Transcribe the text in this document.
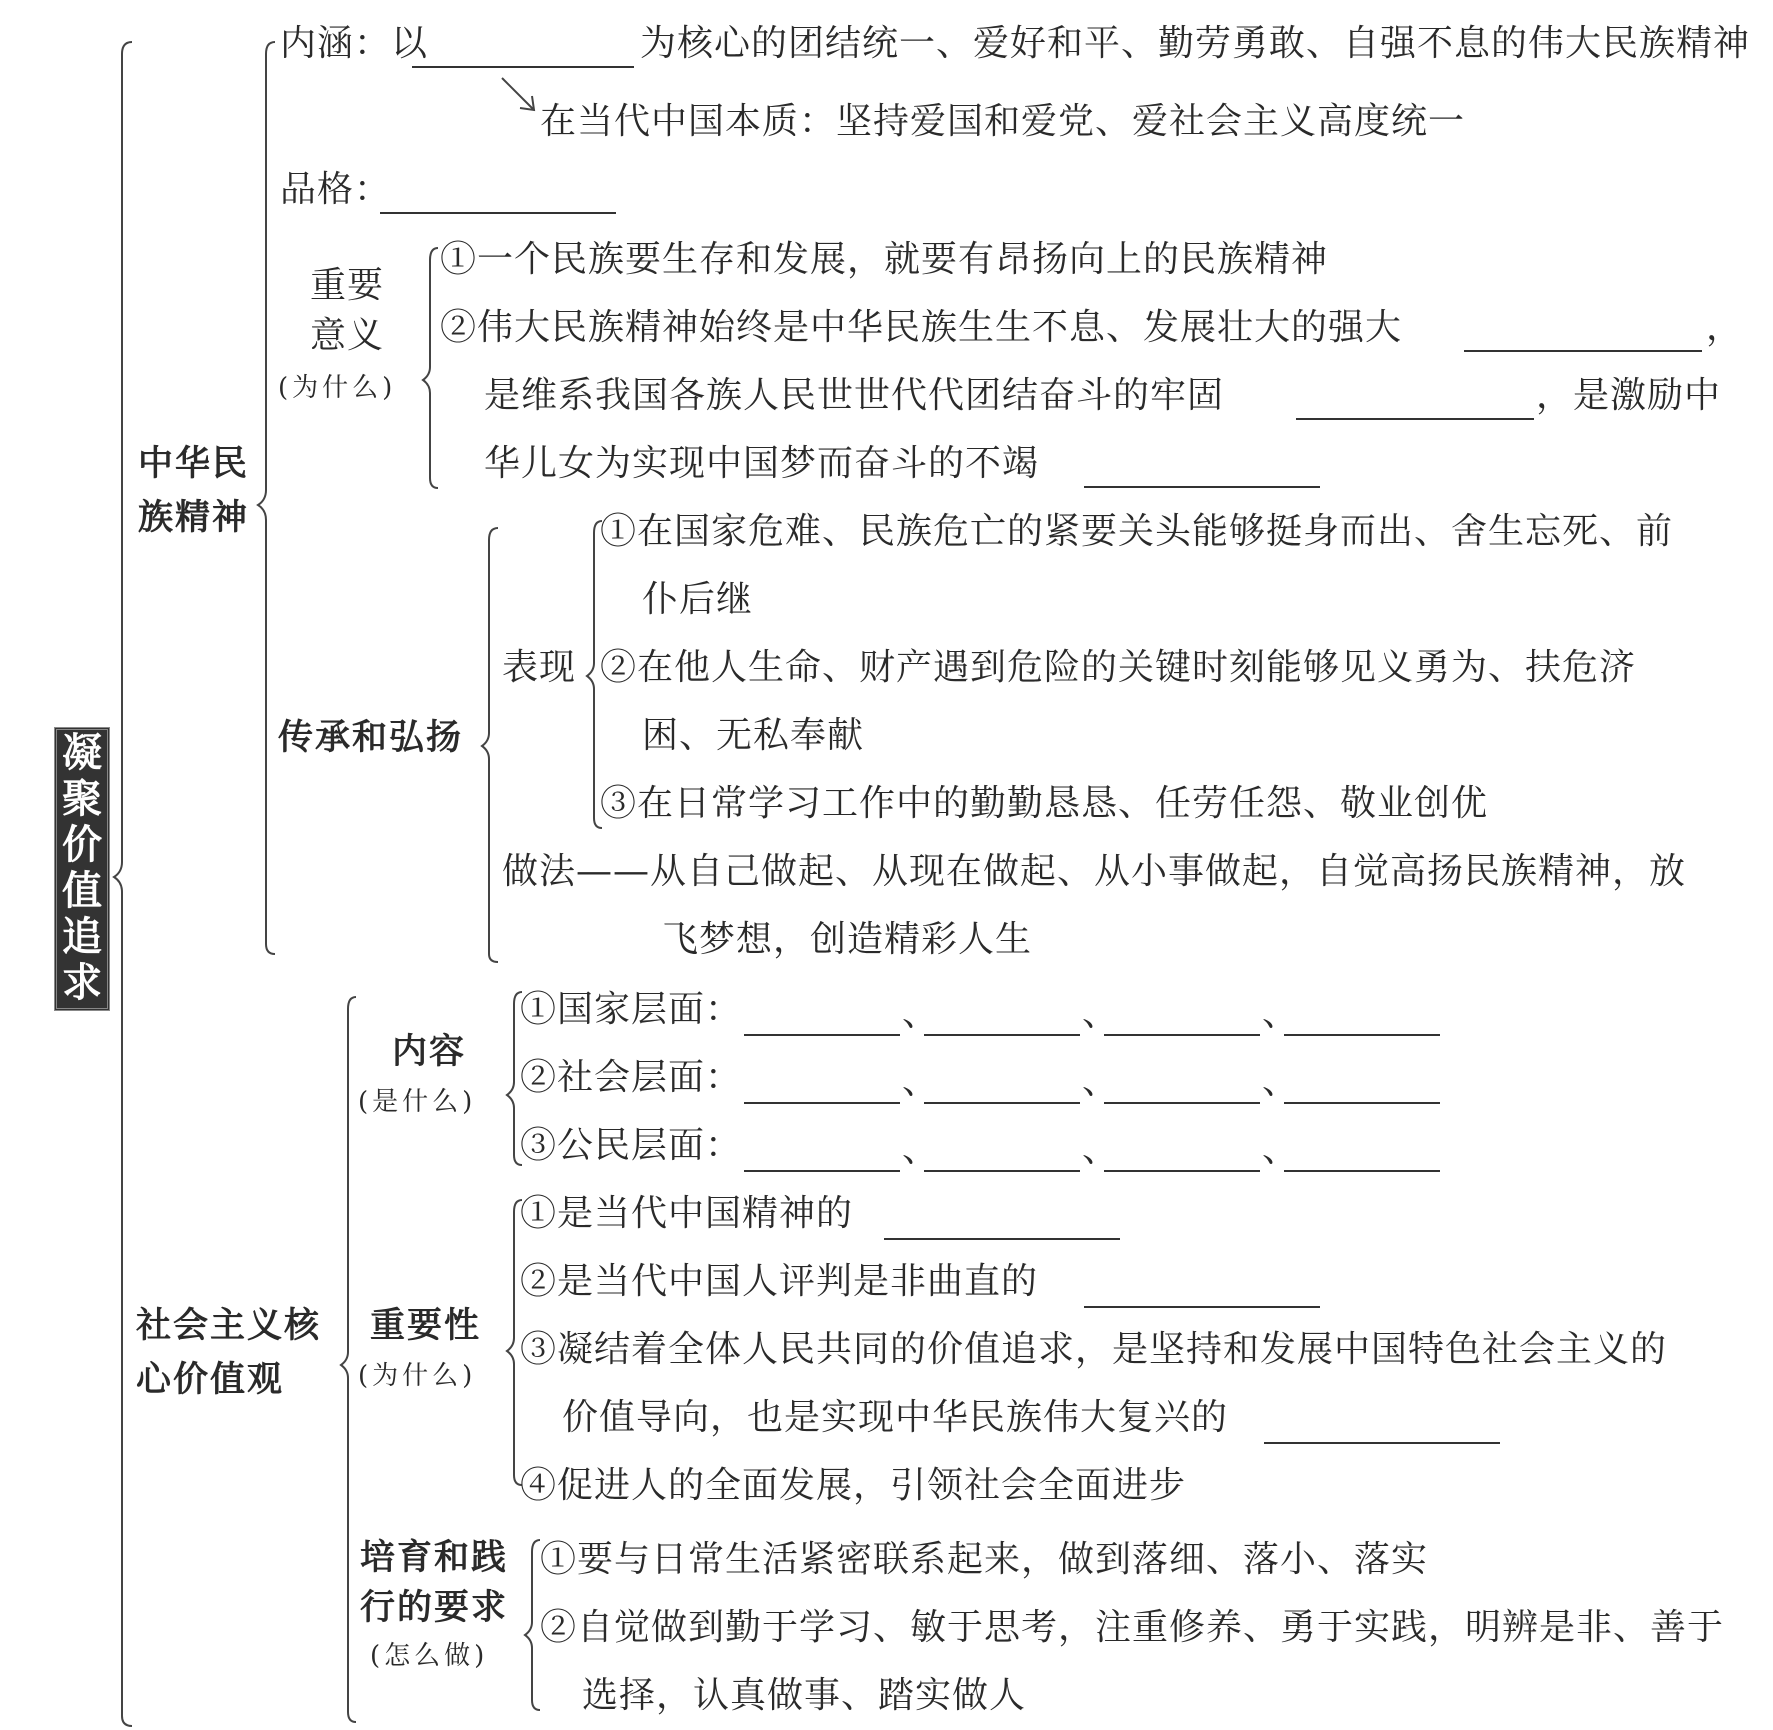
凝
聚
价
值
追
求
中华民
族精神
内涵：以	为核心的团结统一、爱好和平、勤劳勇敢、自强不息的伟大民族精神
在当代中国本质：坚持爱国和爱党、爱社会主义高度统一
品格：
重要
意义
(为什么)
①一个民族要生存和发展，就要有昂扬向上的民族精神
②伟大民族精神始终是中华民族生生不息、发展壮大的强大	，
是维系我国各族人民世世代代团结奋斗的牢固	，是激励中
华儿女为实现中国梦而奋斗的不竭
传承和弘扬
表现
①在国家危难、民族危亡的紧要关头能够挺身而出、舍生忘死、前
仆后继
②在他人生命、财产遇到危险的关键时刻能够见义勇为、扶危济
困、无私奉献
③在日常学习工作中的勤勤恳恳、任劳任怨、敬业创优
做法——从自己做起、从现在做起、从小事做起，自觉高扬民族精神，放
飞梦想，创造精彩人生
社会主义核
心价值观
内容
(是什么)
①国家层面：	、	、	、
②社会层面：	、	、	、
③公民层面：	、	、	、
重要性
(为什么)
①是当代中国精神的
②是当代中国人评判是非曲直的
③凝结着全体人民共同的价值追求，是坚持和发展中国特色社会主义的
价值导向，也是实现中华民族伟大复兴的
④促进人的全面发展，引领社会全面进步
培育和践
行的要求
(怎么做)
①要与日常生活紧密联系起来，做到落细、落小、落实
②自觉做到勤于学习、敏于思考，注重修养、勇于实践，明辨是非、善于
选择，认真做事、踏实做人
